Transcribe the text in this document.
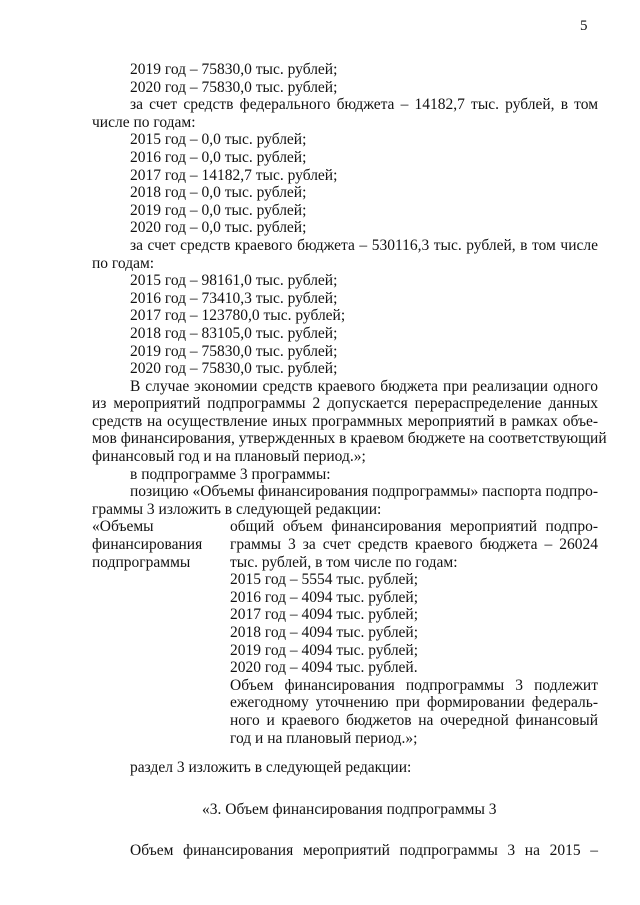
5
2019 год – 75830,0 тыс. рублей;
2020 год – 75830,0 тыс. рублей;
за счет средств федерального бюджета – 14182,7 тыс. рублей, в том
числе по годам:
2015 год – 0,0 тыс. рублей;
2016 год – 0,0 тыс. рублей;
2017 год – 14182,7 тыс. рублей;
2018 год – 0,0 тыс. рублей;
2019 год – 0,0 тыс. рублей;
2020 год – 0,0 тыс. рублей;
за счет средств краевого бюджета – 530116,3 тыс. рублей, в том числе
по годам:
2015 год – 98161,0 тыс. рублей;
2016 год – 73410,3 тыс. рублей;
2017 год – 123780,0 тыс. рублей;
2018 год – 83105,0 тыс. рублей;
2019 год – 75830,0 тыс. рублей;
2020 год – 75830,0 тыс. рублей;
В случае экономии средств краевого бюджета при реализации одного
из мероприятий подпрограммы 2 допускается перераспределение данных
средств на осуществление иных программных мероприятий в рамках объе-
мов финансирования, утвержденных в краевом бюджете на соответствующий
финансовый год и на плановый период.»;
в подпрограмме 3 программы:
позицию «Объемы финансирования подпрограммы» паспорта подпро-
граммы 3 изложить в следующей редакции:
«Объемы
финансирования
подпрограммы
общий объем финансирования мероприятий подпро-
граммы 3 за счет средств краевого бюджета – 26024
тыс. рублей, в том числе по годам:
2015 год – 5554 тыс. рублей;
2016 год – 4094 тыс. рублей;
2017 год – 4094 тыс. рублей;
2018 год – 4094 тыс. рублей;
2019 год – 4094 тыс. рублей;
2020 год – 4094 тыс. рублей.
Объем финансирования подпрограммы 3 подлежит
ежегодному уточнению при формировании федераль-
ного и краевого бюджетов на очередной финансовый
год и на плановый период.»;
раздел 3 изложить в следующей редакции:
«3. Объем финансирования подпрограммы 3
Объем финансирования мероприятий подпрограммы 3 на 2015 –
